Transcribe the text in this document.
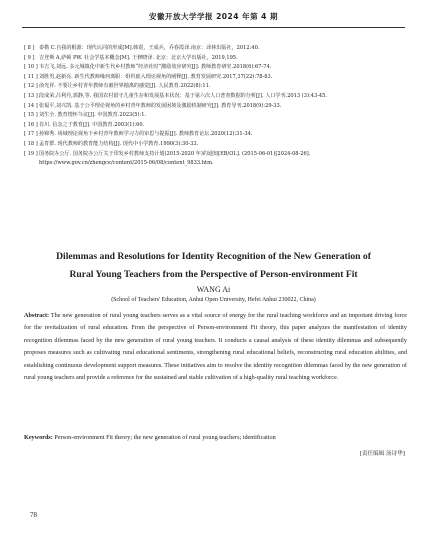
安徽开放大学学报 2024 年第 4 期
[ 8 ] 泰勒 C.自我的根源：现代认同的形成[M].韩震，王成兵，乔春霞译.南京：译林出版社，2012:40.
[ 9 ] 吉登斯 A,萨顿 PW. 社会学基本概念[M]. 王修晓译. 北京：北京大学出版社，2019,195.
[ 10 ] 韦吉飞,刘远. 多元城镇化中新生代乡村教师“经济社时”激励效应研究[J]. 教师教育研究.2018(6):67-74.
[ 11 ] 刘胜男,赵新亮. 新生代教师缘何离职：组织嵌入理论视角的阐释[J]. 教育发展研究.2017,37(22):78-83.
[ 12 ] 俞光祥. 不要让乡村青年教师有被世界抛离的感觉[J]. 人民教育.2022(8):11.
[ 13 ] 段成荣,吕利丹,郭静,等. 我国农村留守儿童生存和发展基本状况：基于第六次人口普查数据的分析[J]. 人口学刊.2013 (3):43-45.
[ 14 ] 张福平,刘兴凯. 基于公平理论视角的乡村青年教师的发展困境及激励机制研究[J]. 教育导刊.2018(9):29-33.
[ 15 ] 刘生全. 教育情怀刍议[J]. 中国教育.2023(5):1.
[ 16 ] 肖川. 信念之于教育[J]. 中国教育.2003(1):60.
[ 17 ] 孙锦秀. 场域理论视角下乡村青年教师学习力的审思与提振[J]. 教师教育论坛.2020(12):31-34.
[ 18 ] 孟育群. 现代教师的教育能力结构[J]. 现代中小学教育.1990(3):30-33.
[ 19 ] 国务院办公厅. 国务院办公厅关于印发乡村教师支持计划(2015-2020 年)的通知[EB/OL]. (2015-06-01)[2024-08-26]. https://www.gov.cn/zhengce/content/2015-06/08/content_9833.htm.
Dilemmas and Resolutions for Identity Recognition of the New Generation of
Rural Young Teachers from the Perspective of Person-environment Fit
WANG Ai
(School of Teachers' Education, Anhui Open University, Hefei Anhui 230022, China)
Abstract: The new generation of rural young teachers serves as a vital source of energy for the rural teaching workforce and an important driving force for the revitalization of rural education. From the perspective of Person-environment Fit theory, this paper analyzes the manifestation of identity recognition dilemmas faced by the new generation of rural young teachers. It conducts a causal analysis of these identity dilemmas and subsequently proposes measures such as cultivating rural educational sentiments, strengthening rural educational beliefs, reconstructing rural education abilities, and establishing continuous development support measures. These initiatives aim to resolve the identity recognition dilemmas faced by the new generation of rural young teachers and provide a reference for the sustained and stable cultivation of a high-quality rural teaching workforce.
Keywords: Person-environment Fit theory; the new generation of rural young teachers; identification
[责任编辑 汤诗华]
78
